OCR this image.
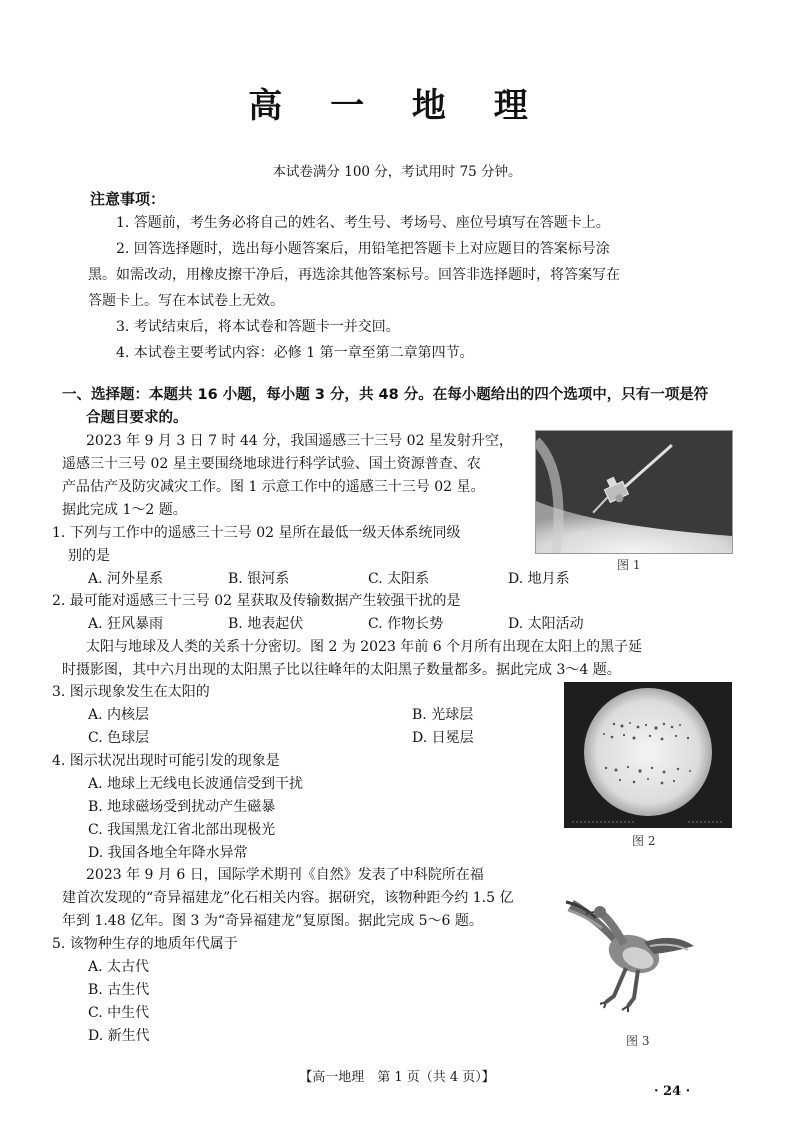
高 一 地 理
本试卷满分 100 分，考试用时 75 分钟。
注意事项：
1. 答题前，考生务必将自己的姓名、考生号、考场号、座位号填写在答题卡上。
2. 回答选择题时，选出每小题答案后，用铅笔把答题卡上对应题目的答案标号涂
黑。如需改动，用橡皮擦干净后，再选涂其他答案标号。回答非选择题时，将答案写在
答题卡上。写在本试卷上无效。
3. 考试结束后，将本试卷和答题卡一并交回。
4. 本试卷主要考试内容：必修 1 第一章至第二章第四节。
一、选择题：本题共 16 小题，每小题 3 分，共 48 分。在每小题给出的四个选项中，只有一项是符
合题目要求的。
2023 年 9 月 3 日 7 时 44 分，我国遥感三十三号 02 星发射升空，
遥感三十三号 02 星主要围绕地球进行科学试验、国土资源普查、农
产品估产及防灾减灾工作。图 1 示意工作中的遥感三十三号 02 星。
据此完成 1～2 题。
图 1
1. 下列与工作中的遥感三十三号 02 星所在最低一级天体系统同级
别的是
A. 河外星系	B. 银河系	C. 太阳系	D. 地月系
2. 最可能对遥感三十三号 02 星获取及传输数据产生较强干扰的是
A. 狂风暴雨	B. 地表起伏	C. 作物长势	D. 太阳活动
太阳与地球及人类的关系十分密切。图 2 为 2023 年前 6 个月所有出现在太阳上的黑子延
时摄影图，其中六月出现的太阳黑子比以往峰年的太阳黑子数量都多。据此完成 3～4 题。
图 2
3. 图示现象发生在太阳的
A. 内核层	B. 光球层
C. 色球层	D. 日冕层
4. 图示状况出现时可能引发的现象是
A. 地球上无线电长波通信受到干扰
B. 地球磁场受到扰动产生磁暴
C. 我国黑龙江省北部出现极光
D. 我国各地全年降水异常
2023 年 9 月 6 日，国际学术期刊《自然》发表了中科院所在福
建首次发现的“奇异福建龙”化石相关内容。据研究，该物种距今约 1.5 亿
年到 1.48 亿年。图 3 为“奇异福建龙”复原图。据此完成 5～6 题。
图 3
5. 该物种生存的地质年代属于
A. 太古代
B. 古生代
C. 中生代
D. 新生代
【高一地理　第 1 页（共 4 页）】
· 24 ·
